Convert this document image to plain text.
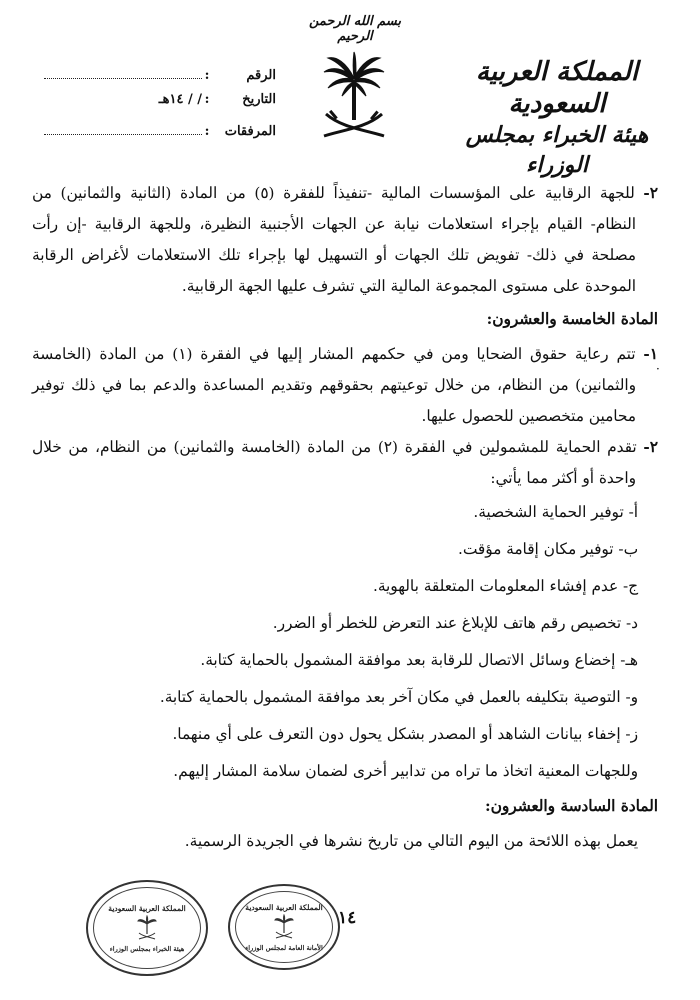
بسم الله الرحمن الرحيم
المملكة العربية السعودية
هيئة الخبراء بمجلس الوزراء
الرقم
:
التاريخ
:
/ / ١٤هـ
المرفقات
:
·

٢- للجهة الرقابية على المؤسسات المالية -تنفيذاً للفقرة (٥) من المادة (الثانية والثمانين) من النظام- القيام بإجراء استعلامات نيابة عن الجهات الأجنبية النظيرة، وللجهة الرقابية -إن رأت مصلحة في ذلك- تفويض تلك الجهات أو التسهيل لها بإجراء تلك الاستعلامات لأغراض الرقابة الموحدة على مستوى المجموعة المالية التي تشرف عليها الجهة الرقابية.

المادة الخامسة والعشرون:

١- تتم رعاية حقوق الضحايا ومن في حكمهم المشار إليها في الفقرة (١) من المادة (الخامسة والثمانين) من النظام، من خلال توعيتهم بحقوقهم وتقديم المساعدة والدعم بما في ذلك توفير محامين متخصصين للحصول عليها.

٢- تقدم الحماية للمشمولين في الفقرة (٢) من المادة (الخامسة والثمانين) من النظام، من خلال واحدة أو أكثر مما يأتي:

أ- توفير الحماية الشخصية.

ب- توفير مكان إقامة مؤقت.

ج- عدم إفشاء المعلومات المتعلقة بالهوية.

د- تخصيص رقم هاتف للإبلاغ عند التعرض للخطر أو الضرر.

هـ- إخضاع وسائل الاتصال للرقابة بعد موافقة المشمول بالحماية كتابة.

و- التوصية بتكليفه بالعمل في مكان آخر بعد موافقة المشمول بالحماية كتابة.

ز- إخفاء بيانات الشاهد أو المصدر بشكل يحول دون التعرف على أي منهما.

وللجهات المعنية اتخاذ ما تراه من تدابير أخرى لضمان سلامة المشار إليهم.

المادة السادسة والعشرون:

يعمل بهذه اللائحة من اليوم التالي من تاريخ نشرها في الجريدة الرسمية.

المملكة العربية السعودية
هيئة الخبراء بمجلس الوزراء
المملكة العربية السعودية
الأمانة العامة لمجلس الوزراء
١٤
